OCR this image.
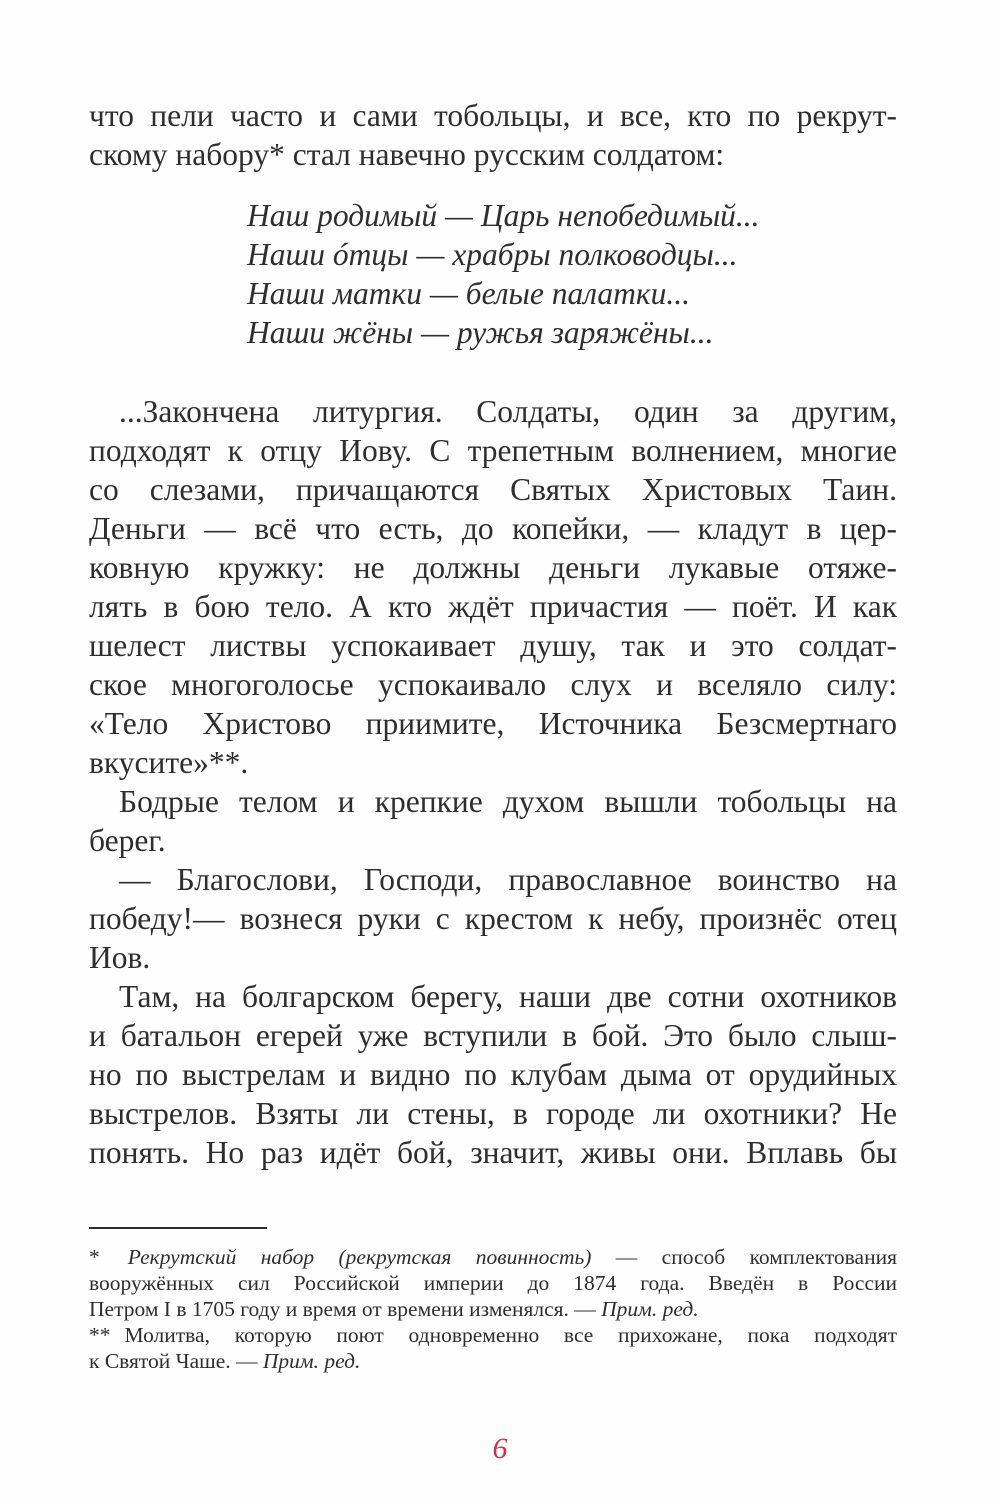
что пели часто и сами тобольцы, и все, кто по рекрут-

скому набору* стал навечно русским солдатом:

Наш родимый — Царь непобедимый...
Наши óтцы — храбры полководцы...
Наши матки — белые палатки...
Наши жёны — ружья заряжёны...

...Закончена литургия. Солдаты, один за другим,

подходят к отцу Иову. С трепетным волнением, многие

со слезами, причащаются Святых Христовых Таин.

Деньги — всё что есть, до копейки, — кладут в цер-

ковную кружку: не должны деньги лукавые отяже-

лять в бою тело. А кто ждёт причастия — поёт. И как

шелест листвы успокаивает душу, так и это солдат-

ское многоголосье успокаивало слух и вселяло силу:

«Тело Христово приимите, Источника Безсмертнаго

вкусите»**.

Бодрые телом и крепкие духом вышли тобольцы на

берег.

— Благослови, Господи, православное воинство на

победу!— вознеся руки с крестом к небу, произнёс отец

Иов.

Там, на болгарском берегу, наши две сотни охотников

и батальон егерей уже вступили в бой. Это было слыш-

но по выстрелам и видно по клубам дыма от орудийных

выстрелов. Взяты ли стены, в городе ли охотники? Не

понять. Но раз идёт бой, значит, живы они. Вплавь бы

* Рекрутский набор (рекрутская повинность) — способ комплектования

вооружённых сил Российской империи до 1874 года. Введён в России

Петром I в 1705 году и время от времени изменялся. — Прим. ред.

** Молитва, которую поют одновременно все прихожане, пока подходят

к Святой Чаше. — Прим. ред.

6
